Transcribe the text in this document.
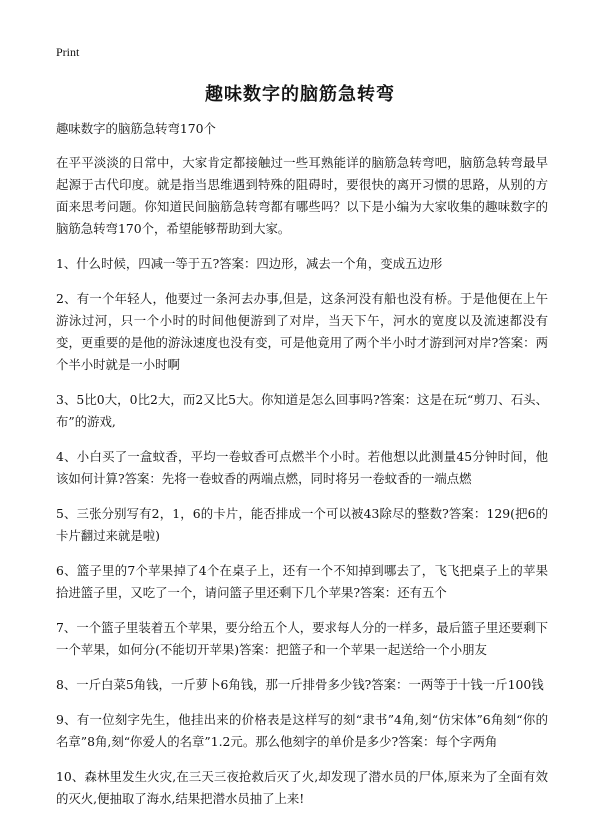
Print
趣味数字的脑筋急转弯

趣味数字的脑筋急转弯170个

在平平淡淡的日常中，大家肯定都接触过一些耳熟能详的脑筋急转弯吧，脑筋急转弯最早起源于古代印度。就是指当思维遇到特殊的阻碍时，要很快的离开习惯的思路，从别的方面来思考问题。你知道民间脑筋急转弯都有哪些吗？以下是小编为大家收集的趣味数字的脑筋急转弯170个，希望能够帮助到大家。

1、什么时候，四减一等于五?答案：四边形，减去一个角，变成五边形

2、有一个年轻人，他要过一条河去办事,但是，这条河没有船也没有桥。于是他便在上午游泳过河，只一个小时的时间他便游到了对岸，当天下午，河水的宽度以及流速都没有变，更重要的是他的游泳速度也没有变，可是他竟用了两个半小时才游到河对岸?答案：两个半小时就是一小时啊

3、5比0大，0比2大，而2又比5大。你知道是怎么回事吗?答案：这是在玩“剪刀、石头、布”的游戏,

4、小白买了一盒蚊香，平均一卷蚊香可点燃半个小时。若他想以此测量45分钟时间，他该如何计算?答案：先将一卷蚊香的两端点燃，同时将另一卷蚊香的一端点燃

5、三张分别写有2，1，6的卡片，能否排成一个可以被43除尽的整数?答案：129(把6的卡片翻过来就是啦)

6、篮子里的7个苹果掉了4个在桌子上，还有一个不知掉到哪去了，飞飞把桌子上的苹果拾进篮子里，又吃了一个，请问篮子里还剩下几个苹果?答案：还有五个

7、一个篮子里装着五个苹果，要分给五个人，要求每人分的一样多，最后篮子里还要剩下一个苹果，如何分(不能切开苹果)答案：把篮子和一个苹果一起送给一个小朋友

8、一斤白菜5角钱，一斤萝卜6角钱，那一斤排骨多少钱?答案：一两等于十钱一斤100钱

9、有一位刻字先生，他挂出来的价格表是这样写的刻“隶书”4角,刻“仿宋体”6角刻“你的名章”8角,刻“你爱人的名章”1.2元。那么他刻字的单价是多少?答案：每个字两角

10、森林里发生火灾,在三天三夜抢救后灭了火,却发现了潜水员的尸体,原来为了全面有效的灭火,便抽取了海水,结果把潜水员抽了上来!
